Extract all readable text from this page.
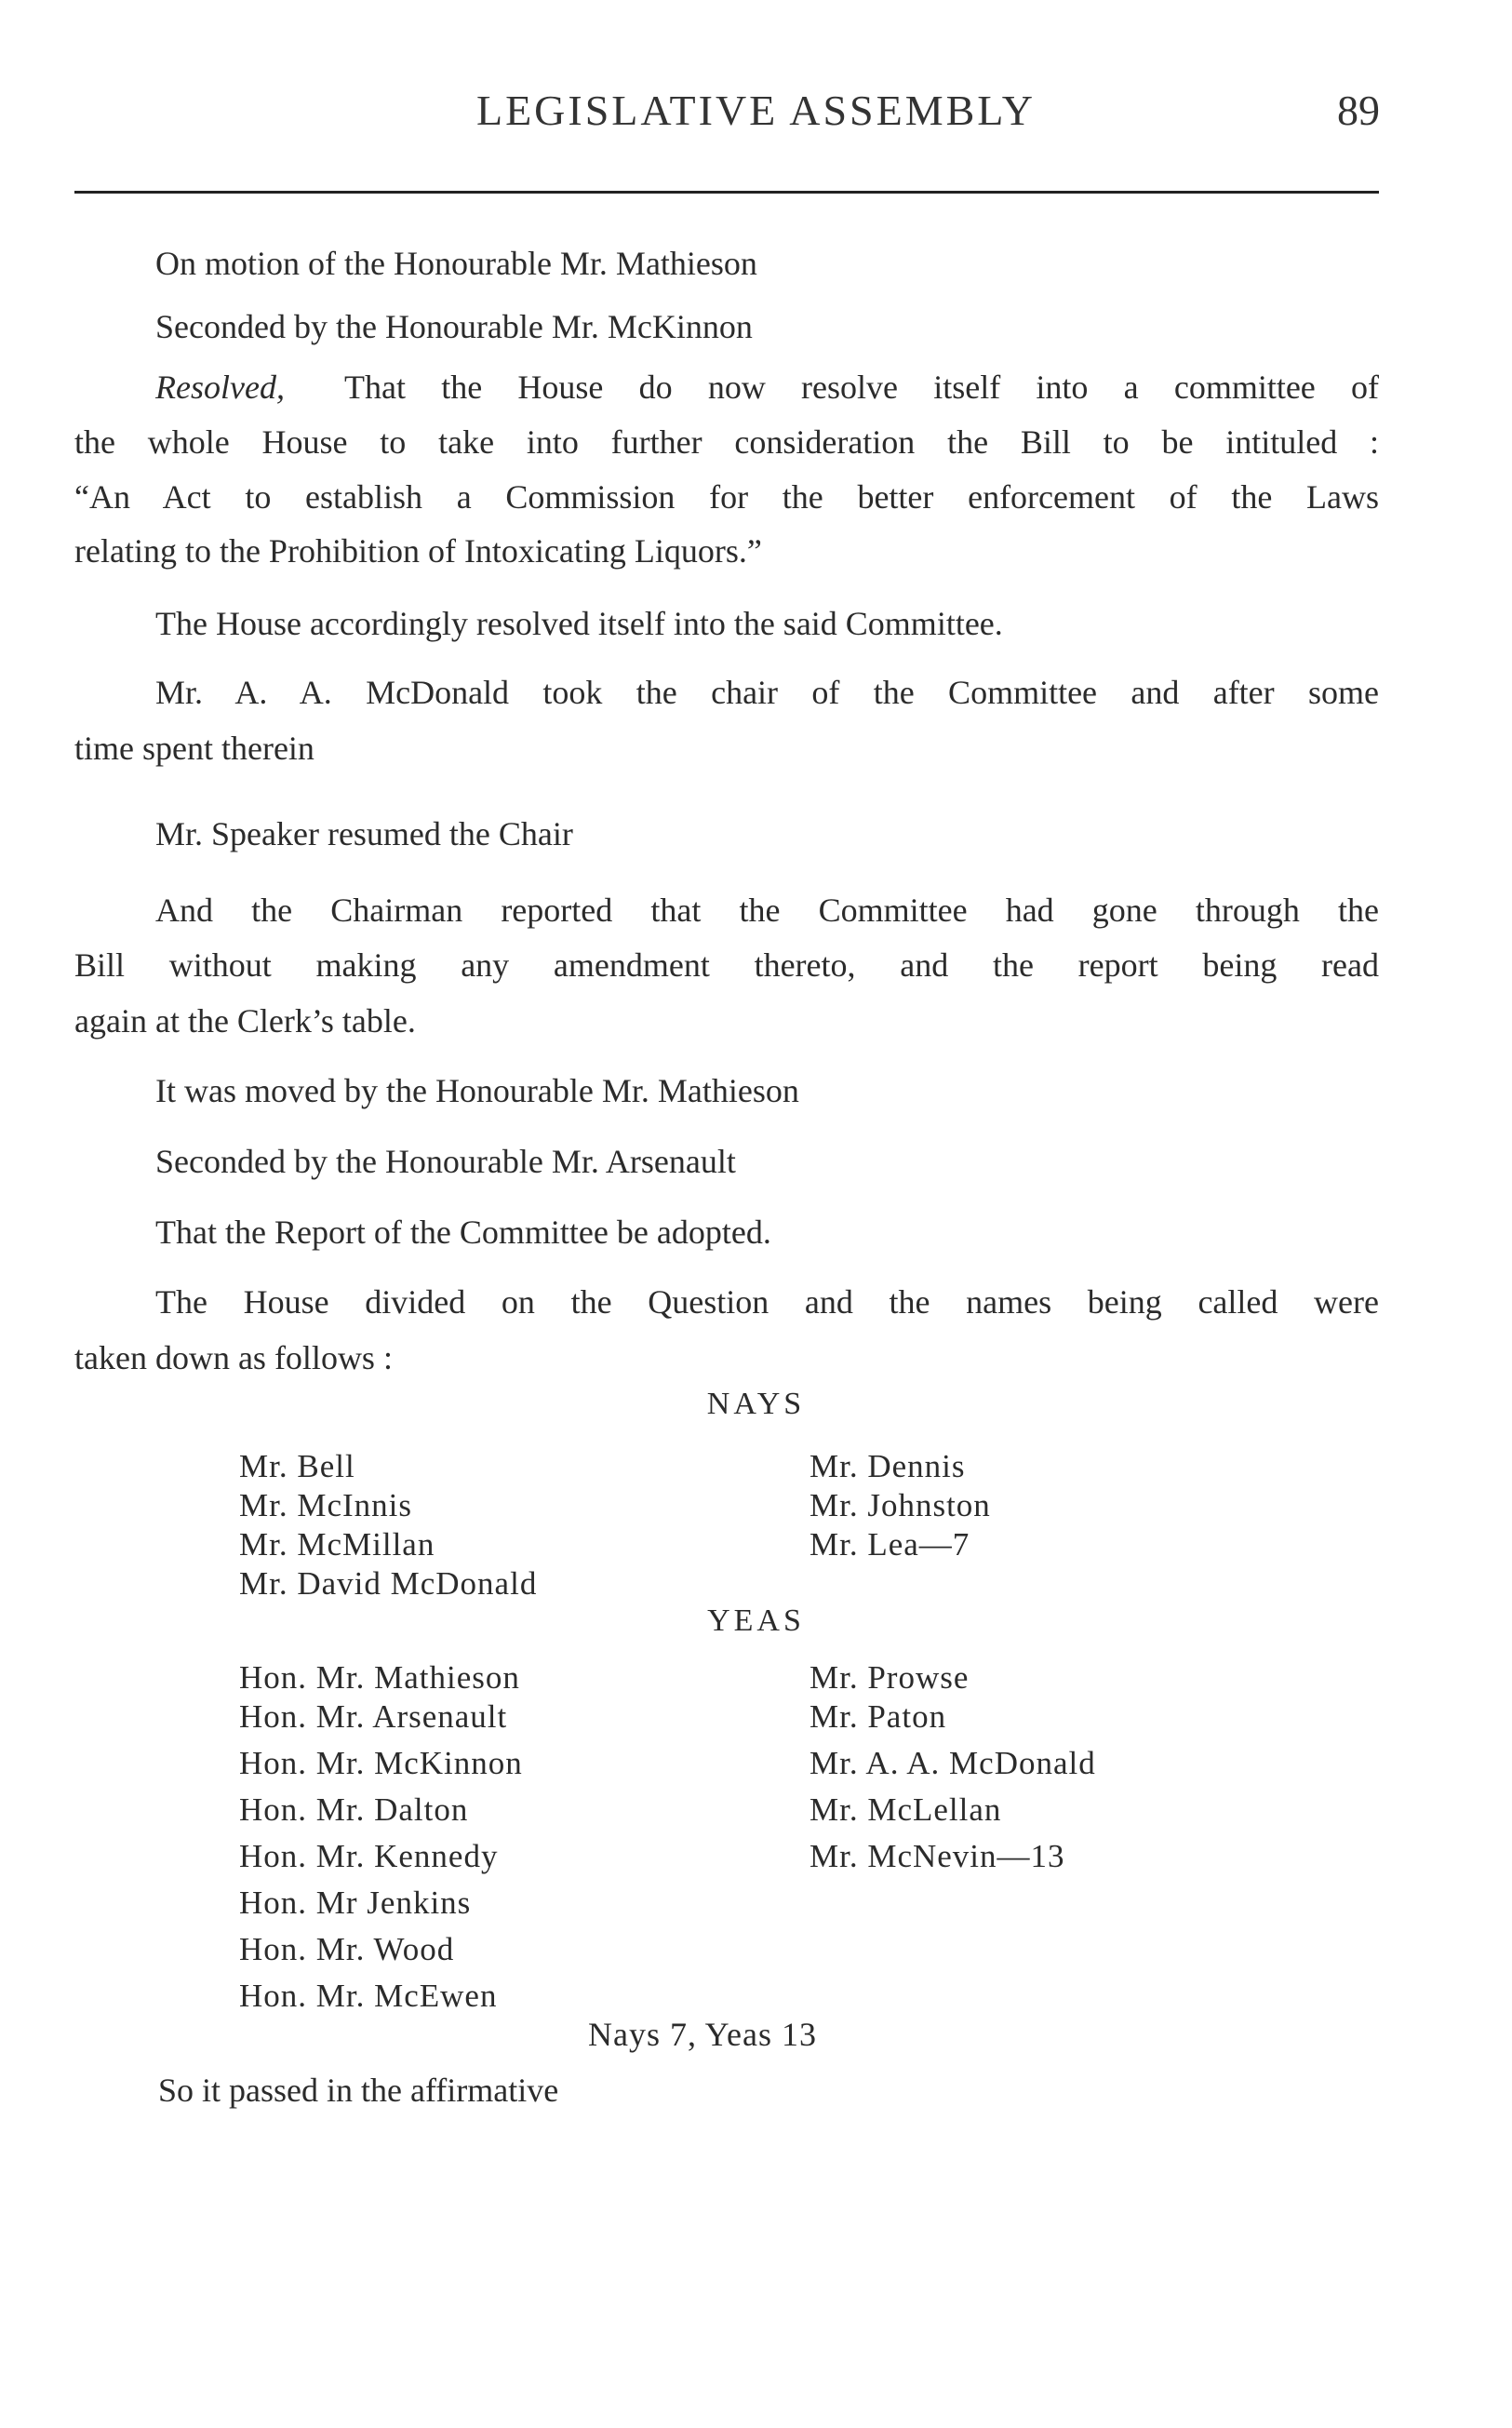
LEGISLATIVE ASSEMBLY	89
On motion of the Honourable Mr. Mathieson
Seconded by the Honourable Mr. McKinnon
Resolved, That the House do now resolve itself into a committee of
the whole House to take into further consideration the Bill to be intituled :
“An Act to establish a Commission for the better enforcement of the Laws
relating to the Prohibition of Intoxicating Liquors.”
The House accordingly resolved itself into the said Committee.
Mr. A. A. McDonald took the chair of the Committee and after some
time spent therein
Mr. Speaker resumed the Chair
And the Chairman reported that the Committee had gone through the
Bill without making any amendment thereto, and the report being read
again at the Clerk’s table.
It was moved by the Honourable Mr. Mathieson
Seconded by the Honourable Mr. Arsenault
That the Report of the Committee be adopted.
The House divided on the Question and the names being called were
taken down as follows :
NAYS
Mr. Bell
Mr. McInnis
Mr. McMillan
Mr. David McDonald
Mr. Dennis
Mr. Johnston
Mr. Lea—7
YEAS
Hon. Mr. Mathieson
Hon. Mr. Arsenault
Hon. Mr. McKinnon
Hon. Mr. Dalton
Hon. Mr. Kennedy
Hon. Mr Jenkins
Hon. Mr. Wood
Hon. Mr. McEwen
Mr. Prowse
Mr. Paton
Mr. A. A. McDonald
Mr. McLellan
Mr. McNevin—13
Nays 7, Yeas 13
So it passed in the affirmative
